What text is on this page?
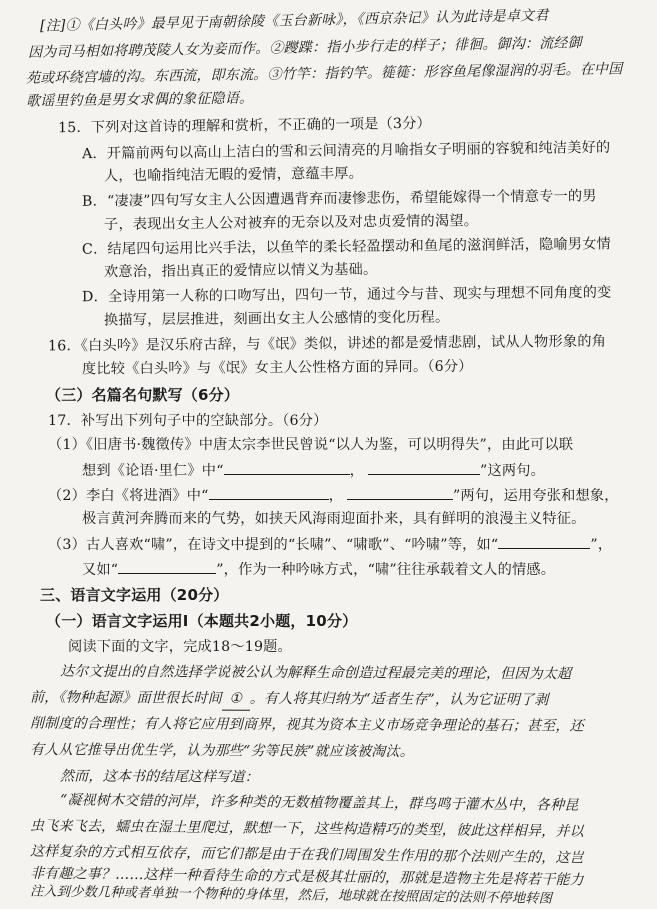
[注]①《白头吟》最早见于南朝徐陵《玉台新咏》，《西京杂记》认为此诗是卓文君
因为司马相如将聘茂陵人女为妾而作。②躞蹀：指小步行走的样子；徘徊。御沟：流经御
苑或环绕宫墙的沟。东西流，即东流。③竹竿：指钓竿。簁簁：形容鱼尾像湿润的羽毛。在中国
歌谣里钓鱼是男女求偶的象征隐语。
15．下列对这首诗的理解和赏析，不正确的一项是（3分）
A．开篇前两句以高山上洁白的雪和云间清亮的月喻指女子明丽的容貌和纯洁美好的
人，也喻指纯洁无暇的爱情，意蕴丰厚。
B．“凄凄”四句写女主人公因遭遇背弃而凄惨悲伤，希望能嫁得一个情意专一的男
子，表现出女主人公对被弃的无奈以及对忠贞爱情的渴望。
C．结尾四句运用比兴手法，以鱼竿的柔长轻盈摆动和鱼尾的滋润鲜活，隐喻男女情
欢意治，指出真正的爱情应以情义为基础。
D．全诗用第一人称的口吻写出，四句一节，通过今与昔、现实与理想不同角度的变
换描写，层层推进，刻画出女主人公感情的变化历程。
16．《白头吟》是汉乐府古辞，与《氓》类似，讲述的都是爱情悲剧，试从人物形象的角
度比较《白头吟》与《氓》女主人公性格方面的异同。（6分）
（三）名篇名句默写（6分）
17．补写出下列句子中的空缺部分。（6分）
（1）《旧唐书·魏徵传》中唐太宗李世民曾说“以人为鉴，可以明得失”，由此可以联
想到《论语·里仁》中“	，	”这两句。
（2）李白《将进酒》中“	，	”两句，运用夸张和想象，
极言黄河奔腾而来的气势，如挟天风海雨迎面扑来，具有鲜明的浪漫主义特征。
（3）古人喜欢“啸”，在诗文中提到的“长啸”、“啸歌”、“吟啸”等，如“	”，
又如“	”，作为一种吟咏方式，“啸”往往承载着文人的情感。
三、语言文字运用（20分）
（一）语言文字运用Ⅰ（本题共2小题，10分）
阅读下面的文字，完成18～19题。
达尔文提出的自然选择学说被公认为解释生命创造过程最完美的理论，但因为太超
前，《物种起源》面世很长时间 ① 。有人将其归纳为“适者生存”，认为它证明了剥
削制度的合理性；有人将它应用到商界，视其为资本主义市场竞争理论的基石；甚至，还
有人从它推导出优生学，认为那些“劣等民族”就应该被淘汰。
然而，这本书的结尾这样写道：
“凝视树木交错的河岸，许多种类的无数植物覆盖其上，群鸟鸣于灌木丛中，各种昆
虫飞来飞去，蠕虫在湿土里爬过，默想一下，这些构造精巧的类型，彼此这样相异，并以
这样复杂的方式相互依存，而它们都是由于在我们周围发生作用的那个法则产生的，这岂
非有趣之事？……这样一种看待生命的方式是极其壮丽的，那就是造物主先是将若干能力
注入到少数几种或者单独一个物种的身体里，然后，地球就在按照固定的法则不停地转图
